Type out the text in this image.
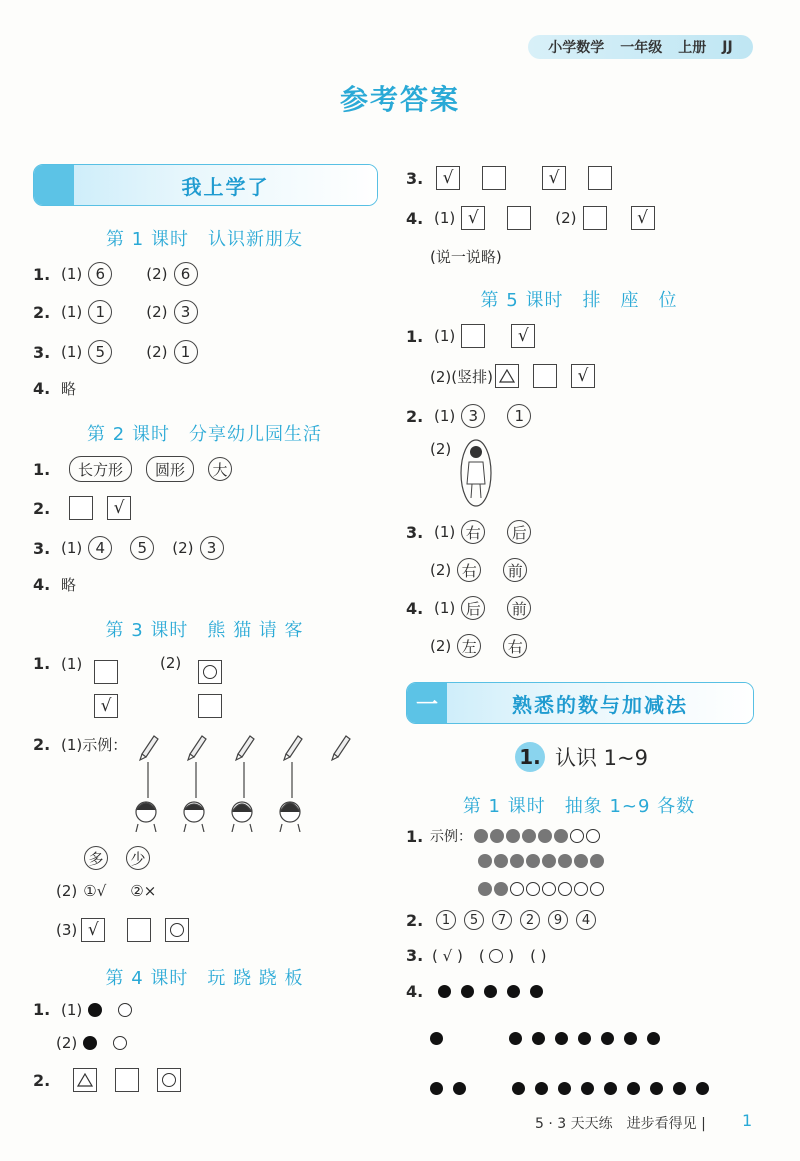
小学数学 一年级 上册 JJ
参考答案
我上学了
第 1 课时　认识新朋友
1. (1) 6	(2) 6
2. (1) 1	(2) 3
3. (1) 5	(2) 1
4. 略
第 2 课时　分享幼儿园生活
1.	长方形	圆形	大
2.	√
3. (1) 4	5	(2) 3
4. 略
第 3 课时　熊 猫 请 客
1. (1)	(2)
√
2. (1)示例：
多	少
(2) ①√ ②×
(3) √
第 4 课时　玩 跷 跷 板
1. (1)
(2)
2.
3.	√	√
4. (1) √	(2)	√
(说一说略)
第 5 课时　排　座　位
1. (1)	√
(2)(竖排)	√
2. (1) 3	1
(2)
3. (1) 右	后
(2) 右	前
4. (1) 后	前
(2) 左	右
一	熟悉的数与加减法
1. 认识 1~9
第 1 课时　抽象 1~9 各数
1. 示例：
2.	1	5	7	2	9	4
3. ( √ ) (  ) ( )
4.
5 · 3 天天练　进步看得见 | 1
